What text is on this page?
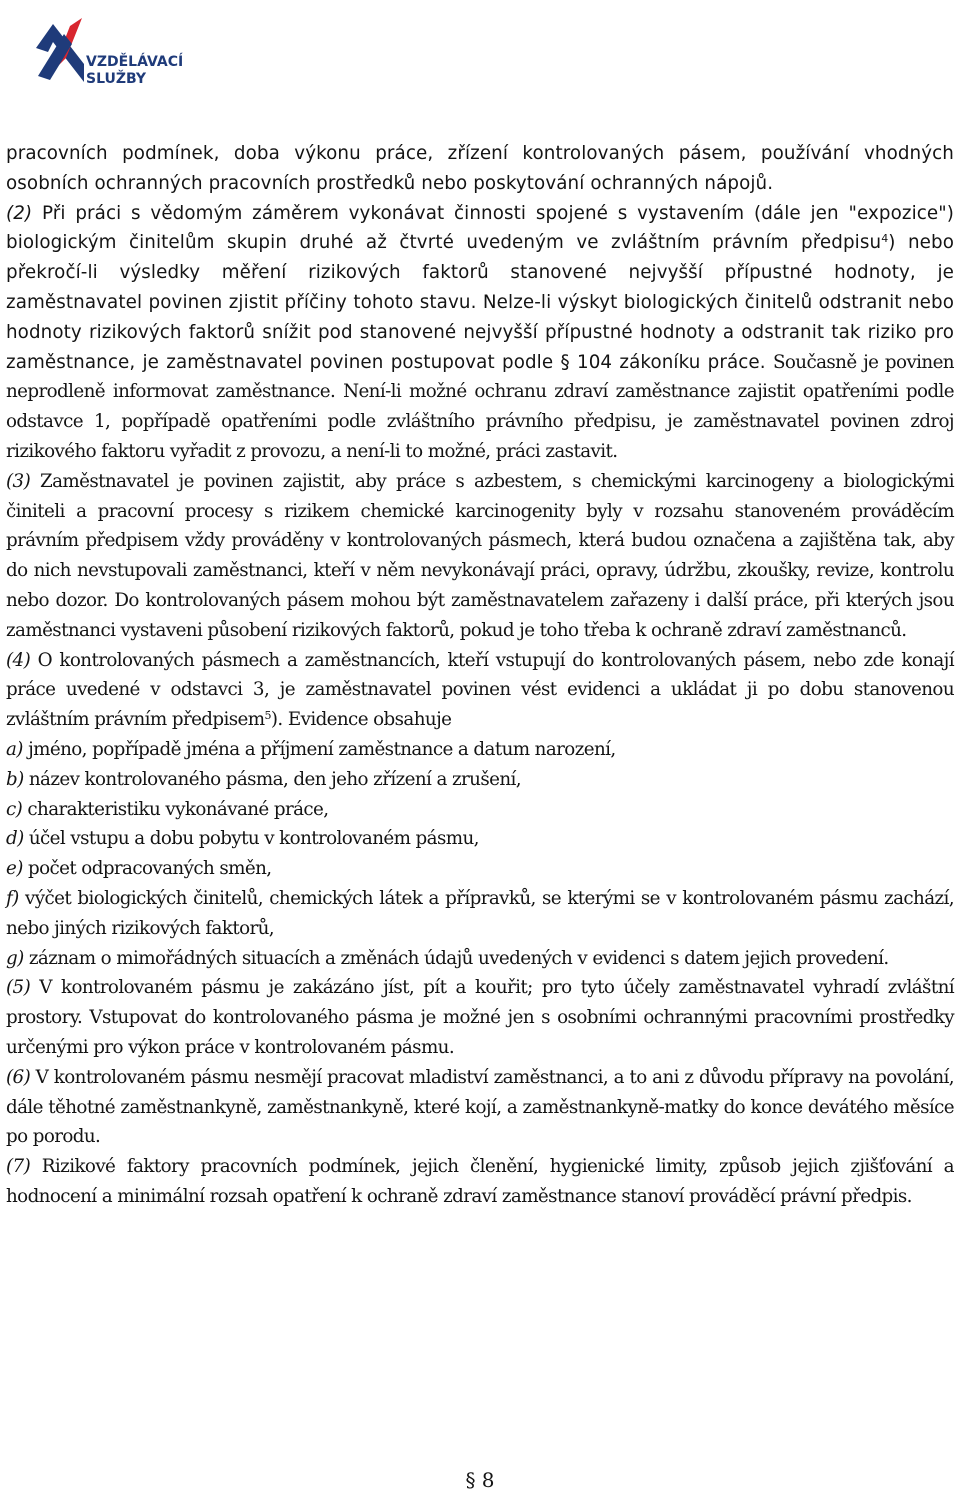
VZDĚLÁVACÍ
SLUŽBY

pracovních podmínek, doba výkonu práce, zřízení kontrolovaných pásem, používání vhodných osobních ochranných pracovních prostředků nebo poskytování ochranných nápojů.

(2) Při práci s vědomým záměrem vykonávat činnosti spojené s vystavením (dále jen "expozice") biologickým činitelům skupin druhé až čtvrté uvedeným ve zvláštním právním předpisu$^4$) nebo překročí-li výsledky měření rizikových faktorů stanovené nejvyšší přípustné hodnoty, je zaměstnavatel povinen zjistit příčiny tohoto stavu. Nelze-li výskyt biologických činitelů odstranit nebo hodnoty rizikových faktorů snížit pod stanovené nejvyšší přípustné hodnoty a odstranit tak riziko pro zaměstnance, je zaměstnavatel povinen postupovat podle § 104 zákoníku práce. Současně je povinen neprodleně informovat zaměstnance. Není-li možné ochranu zdraví zaměstnance zajistit opatřeními podle odstavce 1, popřípadě opatřeními podle zvláštního právního předpisu, je zaměstnavatel povinen zdroj rizikového faktoru vyřadit z provozu, a není-li to možné, práci zastavit.

(3) Zaměstnavatel je povinen zajistit, aby práce s azbestem, s chemickými karcinogeny a biologickými činiteli a pracovní procesy s rizikem chemické karcinogenity byly v rozsahu stanoveném prováděcím právním předpisem vždy prováděny v kontrolovaných pásmech, která budou označena a zajištěna tak, aby do nich nevstupovali zaměstnanci, kteří v něm nevykonávají práci, opravy, údržbu, zkoušky, revize, kontrolu nebo dozor. Do kontrolovaných pásem mohou být zaměstnavatelem zařazeny i další práce, při kterých jsou zaměstnanci vystaveni působení rizikových faktorů, pokud je toho třeba k ochraně zdraví zaměstnanců.

(4) O kontrolovaných pásmech a zaměstnancích, kteří vstupují do kontrolovaných pásem, nebo zde konají práce uvedené v odstavci 3, je zaměstnavatel povinen vést evidenci a ukládat ji po dobu stanovenou zvláštním právním předpisem$^5$). Evidence obsahuje

a) jméno, popřípadě jména a příjmení zaměstnance a datum narození,

b) název kontrolovaného pásma, den jeho zřízení a zrušení,

c) charakteristiku vykonávané práce,

d) účel vstupu a dobu pobytu v kontrolovaném pásmu,

e) počet odpracovaných směn,

f) výčet biologických činitelů, chemických látek a přípravků, se kterými se v kontrolovaném pásmu zachází, nebo jiných rizikových faktorů,

g) záznam o mimořádných situacích a změnách údajů uvedených v evidenci s datem jejich provedení.

(5) V kontrolovaném pásmu je zakázáno jíst, pít a kouřit; pro tyto účely zaměstnavatel vyhradí zvláštní prostory. Vstupovat do kontrolovaného pásma je možné jen s osobními ochrannými pracovními prostředky určenými pro výkon práce v kontrolovaném pásmu.

(6) V kontrolovaném pásmu nesmějí pracovat mladiství zaměstnanci, a to ani z důvodu přípravy na povolání, dále těhotné zaměstnankyně, zaměstnankyně, které kojí, a zaměstnankyně-matky do konce devátého měsíce po porodu.

(7) Rizikové faktory pracovních podmínek, jejich členění, hygienické limity, způsob jejich zjišťování a hodnocení a minimální rozsah opatření k ochraně zdraví zaměstnance stanoví prováděcí právní předpis.

§ 8
